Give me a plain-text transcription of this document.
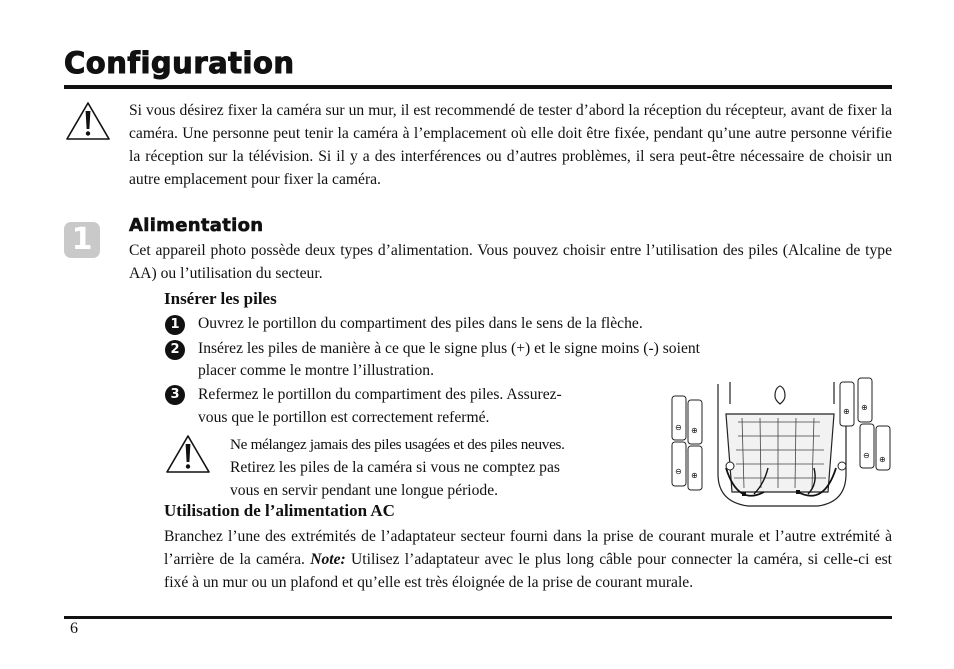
Configuration
Si vous désirez fixer la caméra sur un mur, il est recommendé de tester d’abord la réception du récepteur, avant de fixer la caméra. Une personne peut tenir la caméra à l’emplacement où elle doit être fixée, pendant qu’une autre personne vérifie la réception sur la télévision. Si il y a des interférences ou d’autres problèmes, il sera peut-être nécessaire de choisir un autre emplacement pour fixer la caméra.
1	Alimentation
Cet appareil photo possède deux types d’alimentation. Vous pouvez choisir entre l’utilisation des piles (Alcaline de type AA) ou l’utilisation du secteur.
Insérer les piles
1	Ouvrez le portillon du compartiment des piles dans le sens de la flèche.
2	Insérez les piles de manière à ce que le signe plus (+) et le signe moins (-) soient
placer comme le montre l’illustration.
3	Refermez le portillon du compartiment des piles. Assurez-
vous que le portillon est correctement refermé.
Ne mélangez jamais des piles usagées et des piles neuves.
Retirez les piles de la caméra si vous ne comptez pas
vous en servir pendant une longue période.
⊖ ⊕
⊖ ⊕
⊕ ⊕
⊖ ⊕
Utilisation de l’alimentation AC
Branchez l’une des extrémités de l’adaptateur secteur fourni dans la prise de courant murale et l’autre extrémité à l’arrière de la caméra. Note: Utilisez l’adaptateur avec le plus long câble pour connecter la caméra, si celle-ci est fixé à un mur ou un plafond et qu’elle est très éloignée de la prise de courant murale.
6
